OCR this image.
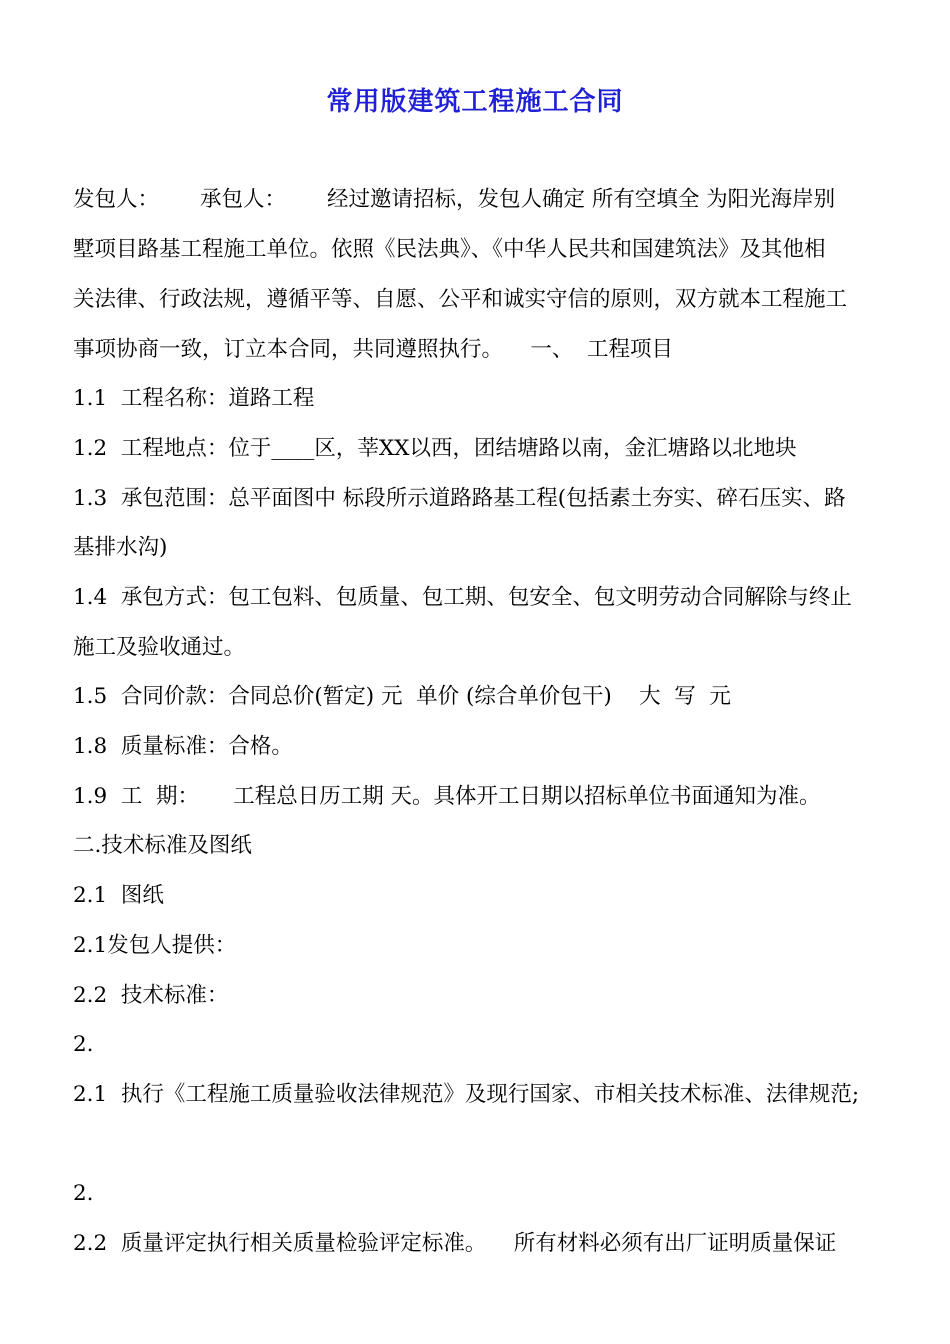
常用版建筑工程施工合同
发包人：      承包人：      经过邀请招标，发包人确定 所有空填全 为阳光海岸别
墅项目路基工程施工单位。依照《民法典》、《中华人民共和国建筑法》及其他相
关法律、行政法规，遵循平等、自愿、公平和诚实守信的原则，双方就本工程施工
事项协商一致，订立本合同，共同遵照执行。    一、  工程项目
1.1  工程名称：道路工程
1.2  工程地点：位于____区，莘XX以西，团结塘路以南，金汇塘路以北地块
1.3  承包范围：总平面图中 标段所示道路路基工程(包括素土夯实、碎石压实、路
基排水沟)
1.4  承包方式：包工包料、包质量、包工期、包安全、包文明劳动合同解除与终止
施工及验收通过。
1.5  合同价款：合同总价(暂定) 元  单价 (综合单价包干)    大  写  元
1.8  质量标准：合格。
1.9  工  期：     工程总日历工期 天。具体开工日期以招标单位书面通知为准。
二.技术标准及图纸
2.1  图纸
2.1发包人提供：
2.2  技术标准：
2.
2.1  执行《工程施工质量验收法律规范》及现行国家、市相关技术标准、法律规范;
2.
2.2  质量评定执行相关质量检验评定标准。    所有材料必须有出厂证明质量保证
